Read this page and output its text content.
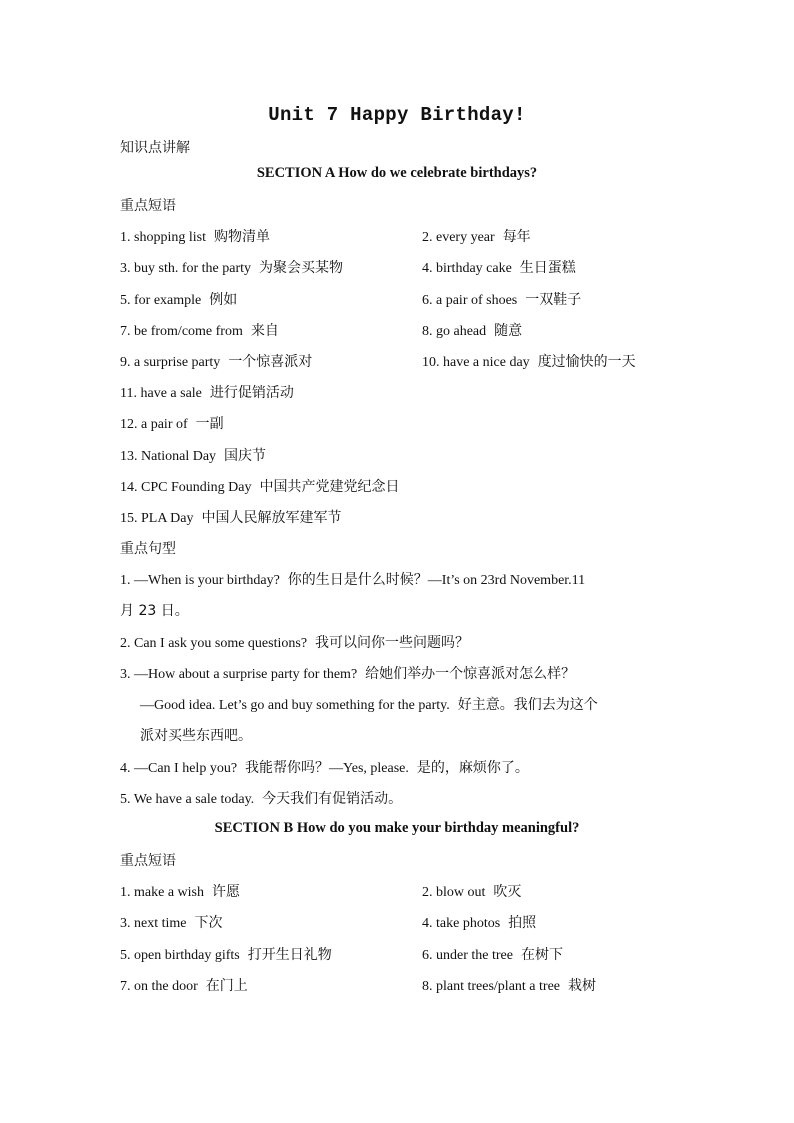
Unit 7 Happy Birthday!
知识点讲解
SECTION A How do we celebrate birthdays?
重点短语
1. shopping list 购物清单	2. every year 每年
3. buy sth. for the party 为聚会买某物	4. birthday cake 生日蛋糕
5. for example 例如	6. a pair of shoes 一双鞋子
7. be from/come from 来自	8. go ahead 随意
9. a surprise party 一个惊喜派对	10. have a nice day 度过愉快的一天
11. have a sale 进行促销活动
12. a pair of 一副
13. National Day 国庆节
14. CPC Founding Day 中国共产党建党纪念日
15. PLA Day 中国人民解放军建军节
重点句型
1. —When is your birthday? 你的生日是什么时候？—It’s on 23rd November.11
月 23 日。
2. Can I ask you some questions? 我可以问你一些问题吗？
3. —How about a surprise party for them? 给她们举办一个惊喜派对怎么样？
—Good idea. Let’s go and buy something for the party. 好主意。我们去为这个
派对买些东西吧。
4. —Can I help you? 我能帮你吗？—Yes, please. 是的，麻烦你了。
5. We have a sale today. 今天我们有促销活动。
SECTION B How do you make your birthday meaningful?
重点短语
1. make a wish 许愿	2. blow out 吹灭
3. next time 下次	4. take photos 拍照
5. open birthday gifts 打开生日礼物	6. under the tree 在树下
7. on the door 在门上	8. plant trees/plant a tree 栽树
